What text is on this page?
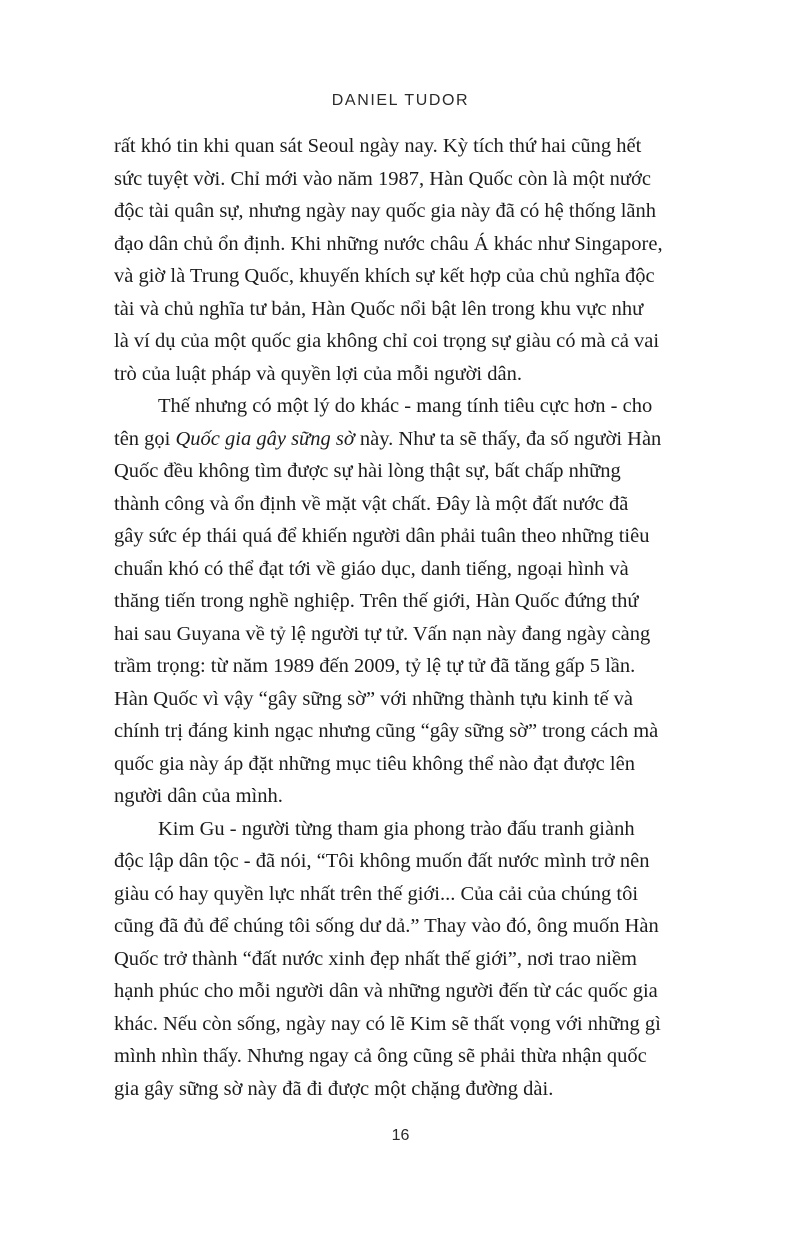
DANIEL TUDOR

rất khó tin khi quan sát Seoul ngày nay. Kỳ tích thứ hai cũng hết
sức tuyệt vời. Chỉ mới vào năm 1987, Hàn Quốc còn là một nước
độc tài quân sự, nhưng ngày nay quốc gia này đã có hệ thống lãnh
đạo dân chủ ổn định. Khi những nước châu Á khác như Singapore,
và giờ là Trung Quốc, khuyến khích sự kết hợp của chủ nghĩa độc
tài và chủ nghĩa tư bản, Hàn Quốc nổi bật lên trong khu vực như
là ví dụ của một quốc gia không chỉ coi trọng sự giàu có mà cả vai
trò của luật pháp và quyền lợi của mỗi người dân.
Thế nhưng có một lý do khác - mang tính tiêu cực hơn - cho
tên gọi Quốc gia gây sững sờ này. Như ta sẽ thấy, đa số người Hàn
Quốc đều không tìm được sự hài lòng thật sự, bất chấp những
thành công và ổn định về mặt vật chất. Đây là một đất nước đã
gây sức ép thái quá để khiến người dân phải tuân theo những tiêu
chuẩn khó có thể đạt tới về giáo dục, danh tiếng, ngoại hình và
thăng tiến trong nghề nghiệp. Trên thế giới, Hàn Quốc đứng thứ
hai sau Guyana về tỷ lệ người tự tử. Vấn nạn này đang ngày càng
trầm trọng: từ năm 1989 đến 2009, tỷ lệ tự tử đã tăng gấp 5 lần.
Hàn Quốc vì vậy “gây sững sờ” với những thành tựu kinh tế và
chính trị đáng kinh ngạc nhưng cũng “gây sững sờ” trong cách mà
quốc gia này áp đặt những mục tiêu không thể nào đạt được lên
người dân của mình.
Kim Gu - người từng tham gia phong trào đấu tranh giành
độc lập dân tộc - đã nói, “Tôi không muốn đất nước mình trở nên
giàu có hay quyền lực nhất trên thế giới... Của cải của chúng tôi
cũng đã đủ để chúng tôi sống dư dả.” Thay vào đó, ông muốn Hàn
Quốc trở thành “đất nước xinh đẹp nhất thế giới”, nơi trao niềm
hạnh phúc cho mỗi người dân và những người đến từ các quốc gia
khác. Nếu còn sống, ngày nay có lẽ Kim sẽ thất vọng với những gì
mình nhìn thấy. Nhưng ngay cả ông cũng sẽ phải thừa nhận quốc
gia gây sững sờ này đã đi được một chặng đường dài.

16
